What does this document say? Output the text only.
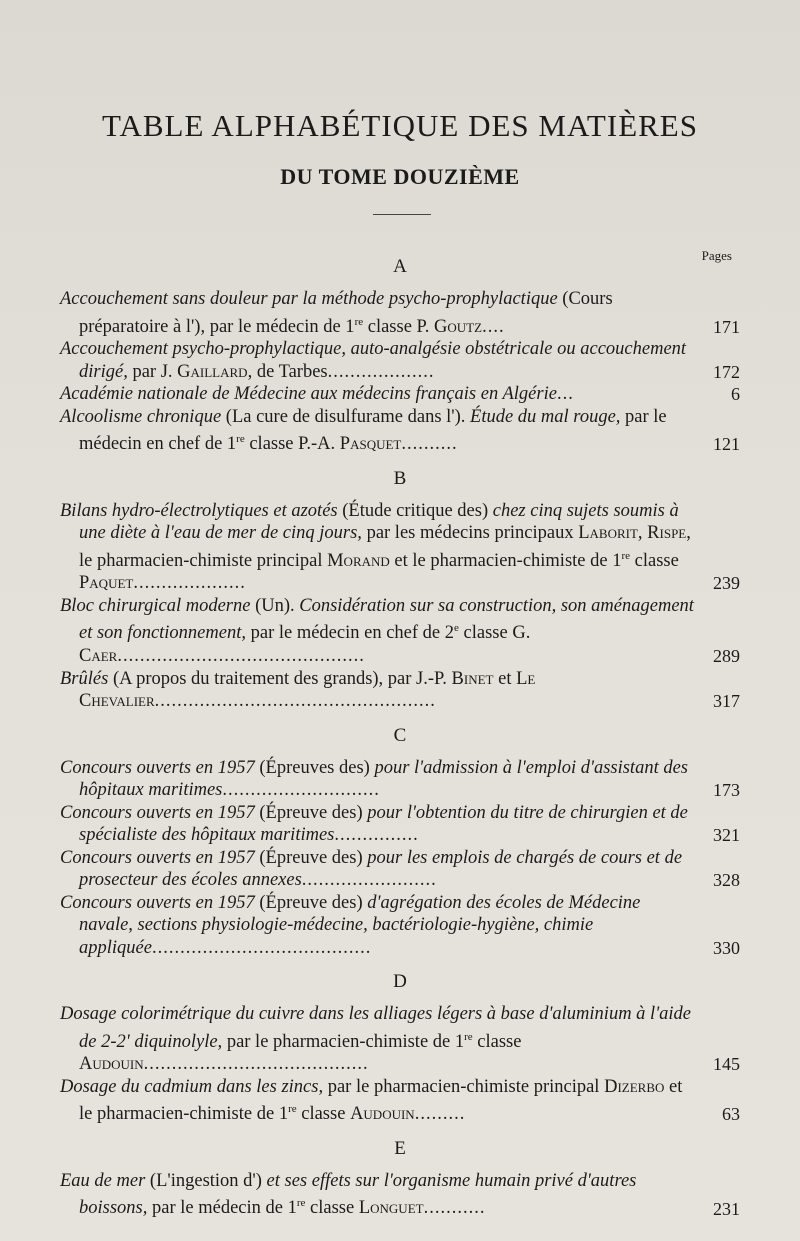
TABLE ALPHABÉTIQUE DES MATIÈRES
DU TOME DOUZIÈME
Pages
A
Accouchement sans douleur par la méthode psycho-prophylactique (Cours préparatoire à l'), par le médecin de 1re classe P. Goutz....	171
Accouchement psycho-prophylactique, auto-analgésie obstétricale ou accouchement dirigé, par J. Gaillard, de Tarbes...................	172
Académie nationale de Médecine aux médecins français en Algérie...	6
Alcoolisme chronique (La cure de disulfurame dans l'). Étude du mal rouge, par le médecin en chef de 1re classe P.-A. Pasquet..........	121
B
Bilans hydro-électrolytiques et azotés (Étude critique des) chez cinq sujets soumis à une diète à l'eau de mer de cinq jours, par les médecins principaux Laborit, Rispe, le pharmacien-chimiste principal Morand et le pharmacien-chimiste de 1re classe Paquet....................	239
Bloc chirurgical moderne (Un). Considération sur sa construction, son aménagement et son fonctionnement, par le médecin en chef de 2e classe G. Caer............................................	289
Brûlés (A propos du traitement des grands), par J.-P. Binet et Le Chevalier..................................................	317
C
Concours ouverts en 1957 (Épreuves des) pour l'admission à l'emploi d'assistant des hôpitaux maritimes............................	173
Concours ouverts en 1957 (Épreuve des) pour l'obtention du titre de chirurgien et de spécialiste des hôpitaux maritimes...............	321
Concours ouverts en 1957 (Épreuve des) pour les emplois de chargés de cours et de prosecteur des écoles annexes........................	328
Concours ouverts en 1957 (Épreuve des) d'agrégation des écoles de Médecine navale, sections physiologie-médecine, bactériologie-hygiène, chimie appliquée.......................................	330
D
Dosage colorimétrique du cuivre dans les alliages légers à base d'aluminium à l'aide de 2-2' diquinolyle, par le pharmacien-chimiste de 1re classe Audouin........................................	145
Dosage du cadmium dans les zincs, par le pharmacien-chimiste principal Dizerbo et le pharmacien-chimiste de 1re classe Audouin.........	63
E
Eau de mer (L'ingestion d') et ses effets sur l'organisme humain privé d'autres boissons, par le médecin de 1re classe Longuet...........	231
